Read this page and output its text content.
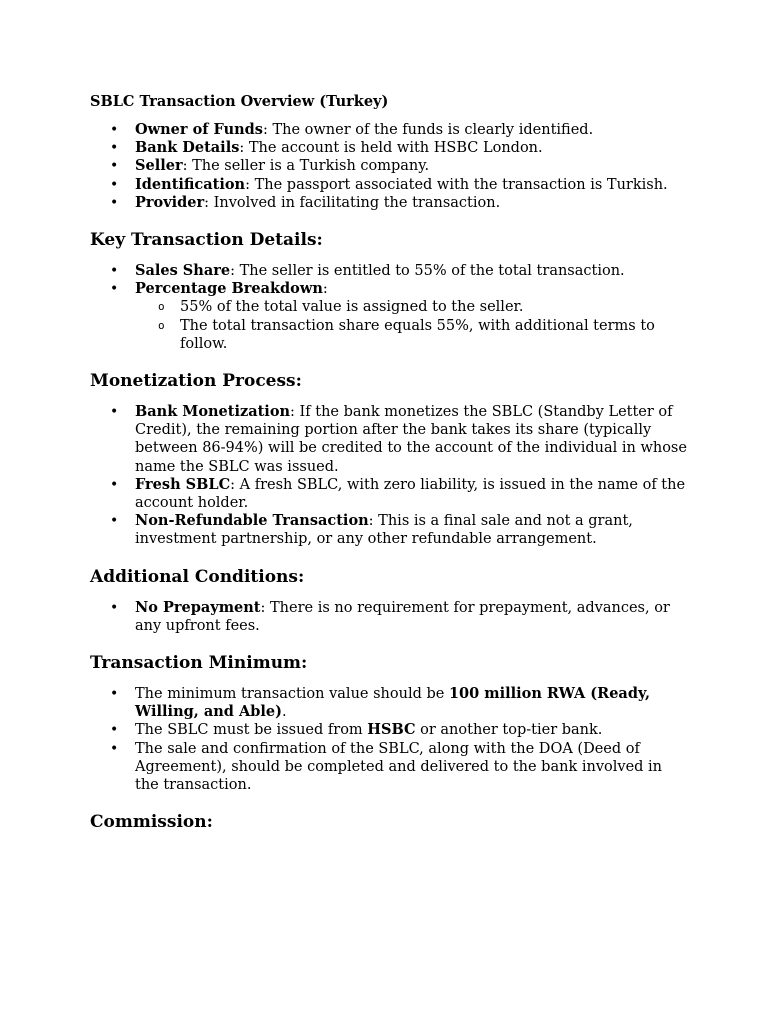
SBLC Transaction Overview (Turkey)
• Owner of Funds: The owner of the funds is clearly identified.
• Bank Details: The account is held with HSBC London.
• Seller: The seller is a Turkish company.
• Identification: The passport associated with the transaction is Turkish.
• Provider: Involved in facilitating the transaction.
Key Transaction Details:
• Sales Share: The seller is entitled to 55% of the total transaction.
• Percentage Breakdown:
o 55% of the total value is assigned to the seller.
o The total transaction share equals 55%, with additional terms to follow.
Monetization Process:
• Bank Monetization: If the bank monetizes the SBLC (Standby Letter of Credit), the remaining portion after the bank takes its share (typically between 86-94%) will be credited to the account of the individual in whose name the SBLC was issued.
• Fresh SBLC: A fresh SBLC, with zero liability, is issued in the name of the account holder.
• Non-Refundable Transaction: This is a final sale and not a grant, investment partnership, or any other refundable arrangement.
Additional Conditions:
• No Prepayment: There is no requirement for prepayment, advances, or any upfront fees.
Transaction Minimum:
• The minimum transaction value should be 100 million RWA (Ready, Willing, and Able).
• The SBLC must be issued from HSBC or another top-tier bank.
• The sale and confirmation of the SBLC, along with the DOA (Deed of Agreement), should be completed and delivered to the bank involved in the transaction.
Commission:
